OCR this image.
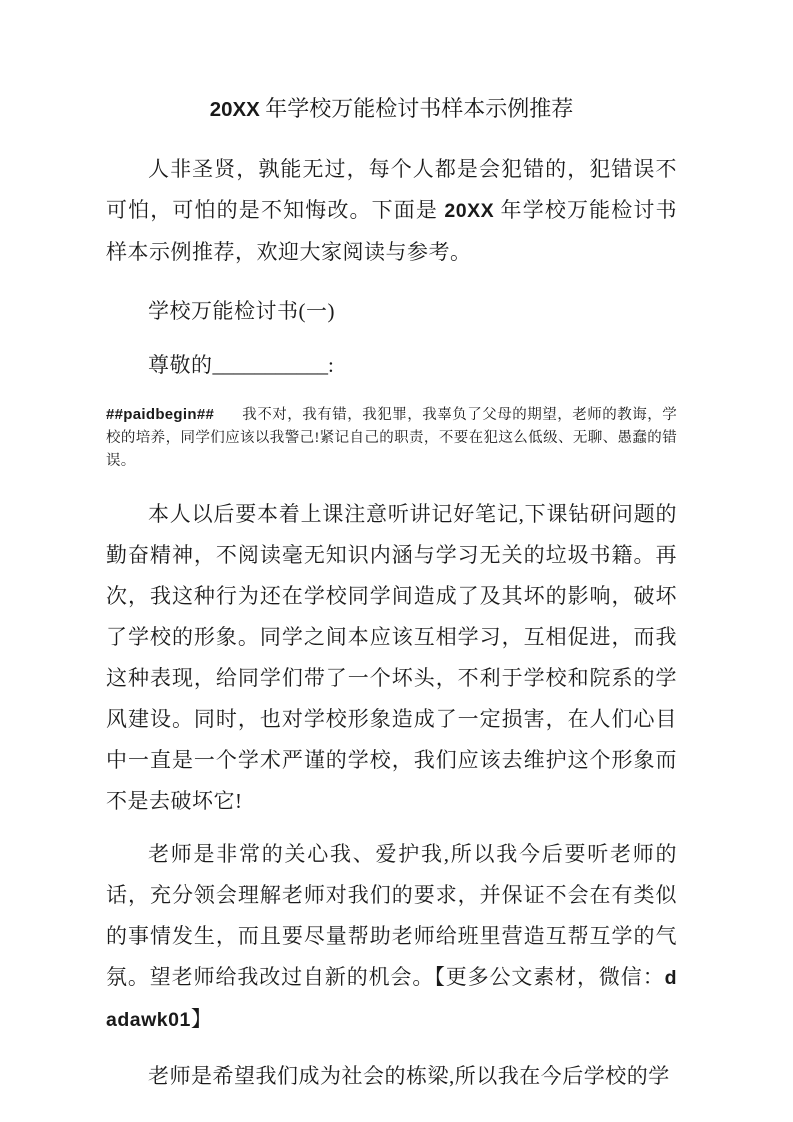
20XX 年学校万能检讨书样本示例推荐

人非圣贤，孰能无过，每个人都是会犯错的，犯错误不可怕，可怕的是不知悔改。下面是 20XX 年学校万能检讨书样本示例推荐，欢迎大家阅读与参考。

学校万能检讨书(一)

尊敬的___________:

##paidbegin## 我不对，我有错，我犯罪，我辜负了父母的期望，老师的教诲，学校的培养，同学们应该以我警己!紧记自己的职责，不要在犯这么低级、无聊、愚蠢的错误。

本人以后要本着上课注意听讲记好笔记,下课钻研问题的勤奋精神，不阅读毫无知识内涵与学习无关的垃圾书籍。再次，我这种行为还在学校同学间造成了及其坏的影响，破坏了学校的形象。同学之间本应该互相学习，互相促进，而我这种表现，给同学们带了一个坏头，不利于学校和院系的学风建设。同时，也对学校形象造成了一定损害，在人们心目中一直是一个学术严谨的学校，我们应该去维护这个形象而不是去破坏它!

老师是非常的关心我、爱护我,所以我今后要听老师的话，充分领会理解老师对我们的要求，并保证不会在有类似的事情发生，而且要尽量帮助老师给班里营造互帮互学的气氛。望老师给我改过自新的机会。【更多公文素材，微信：d adawk01】

老师是希望我们成为社会的栋梁,所以我在今后学校的学
